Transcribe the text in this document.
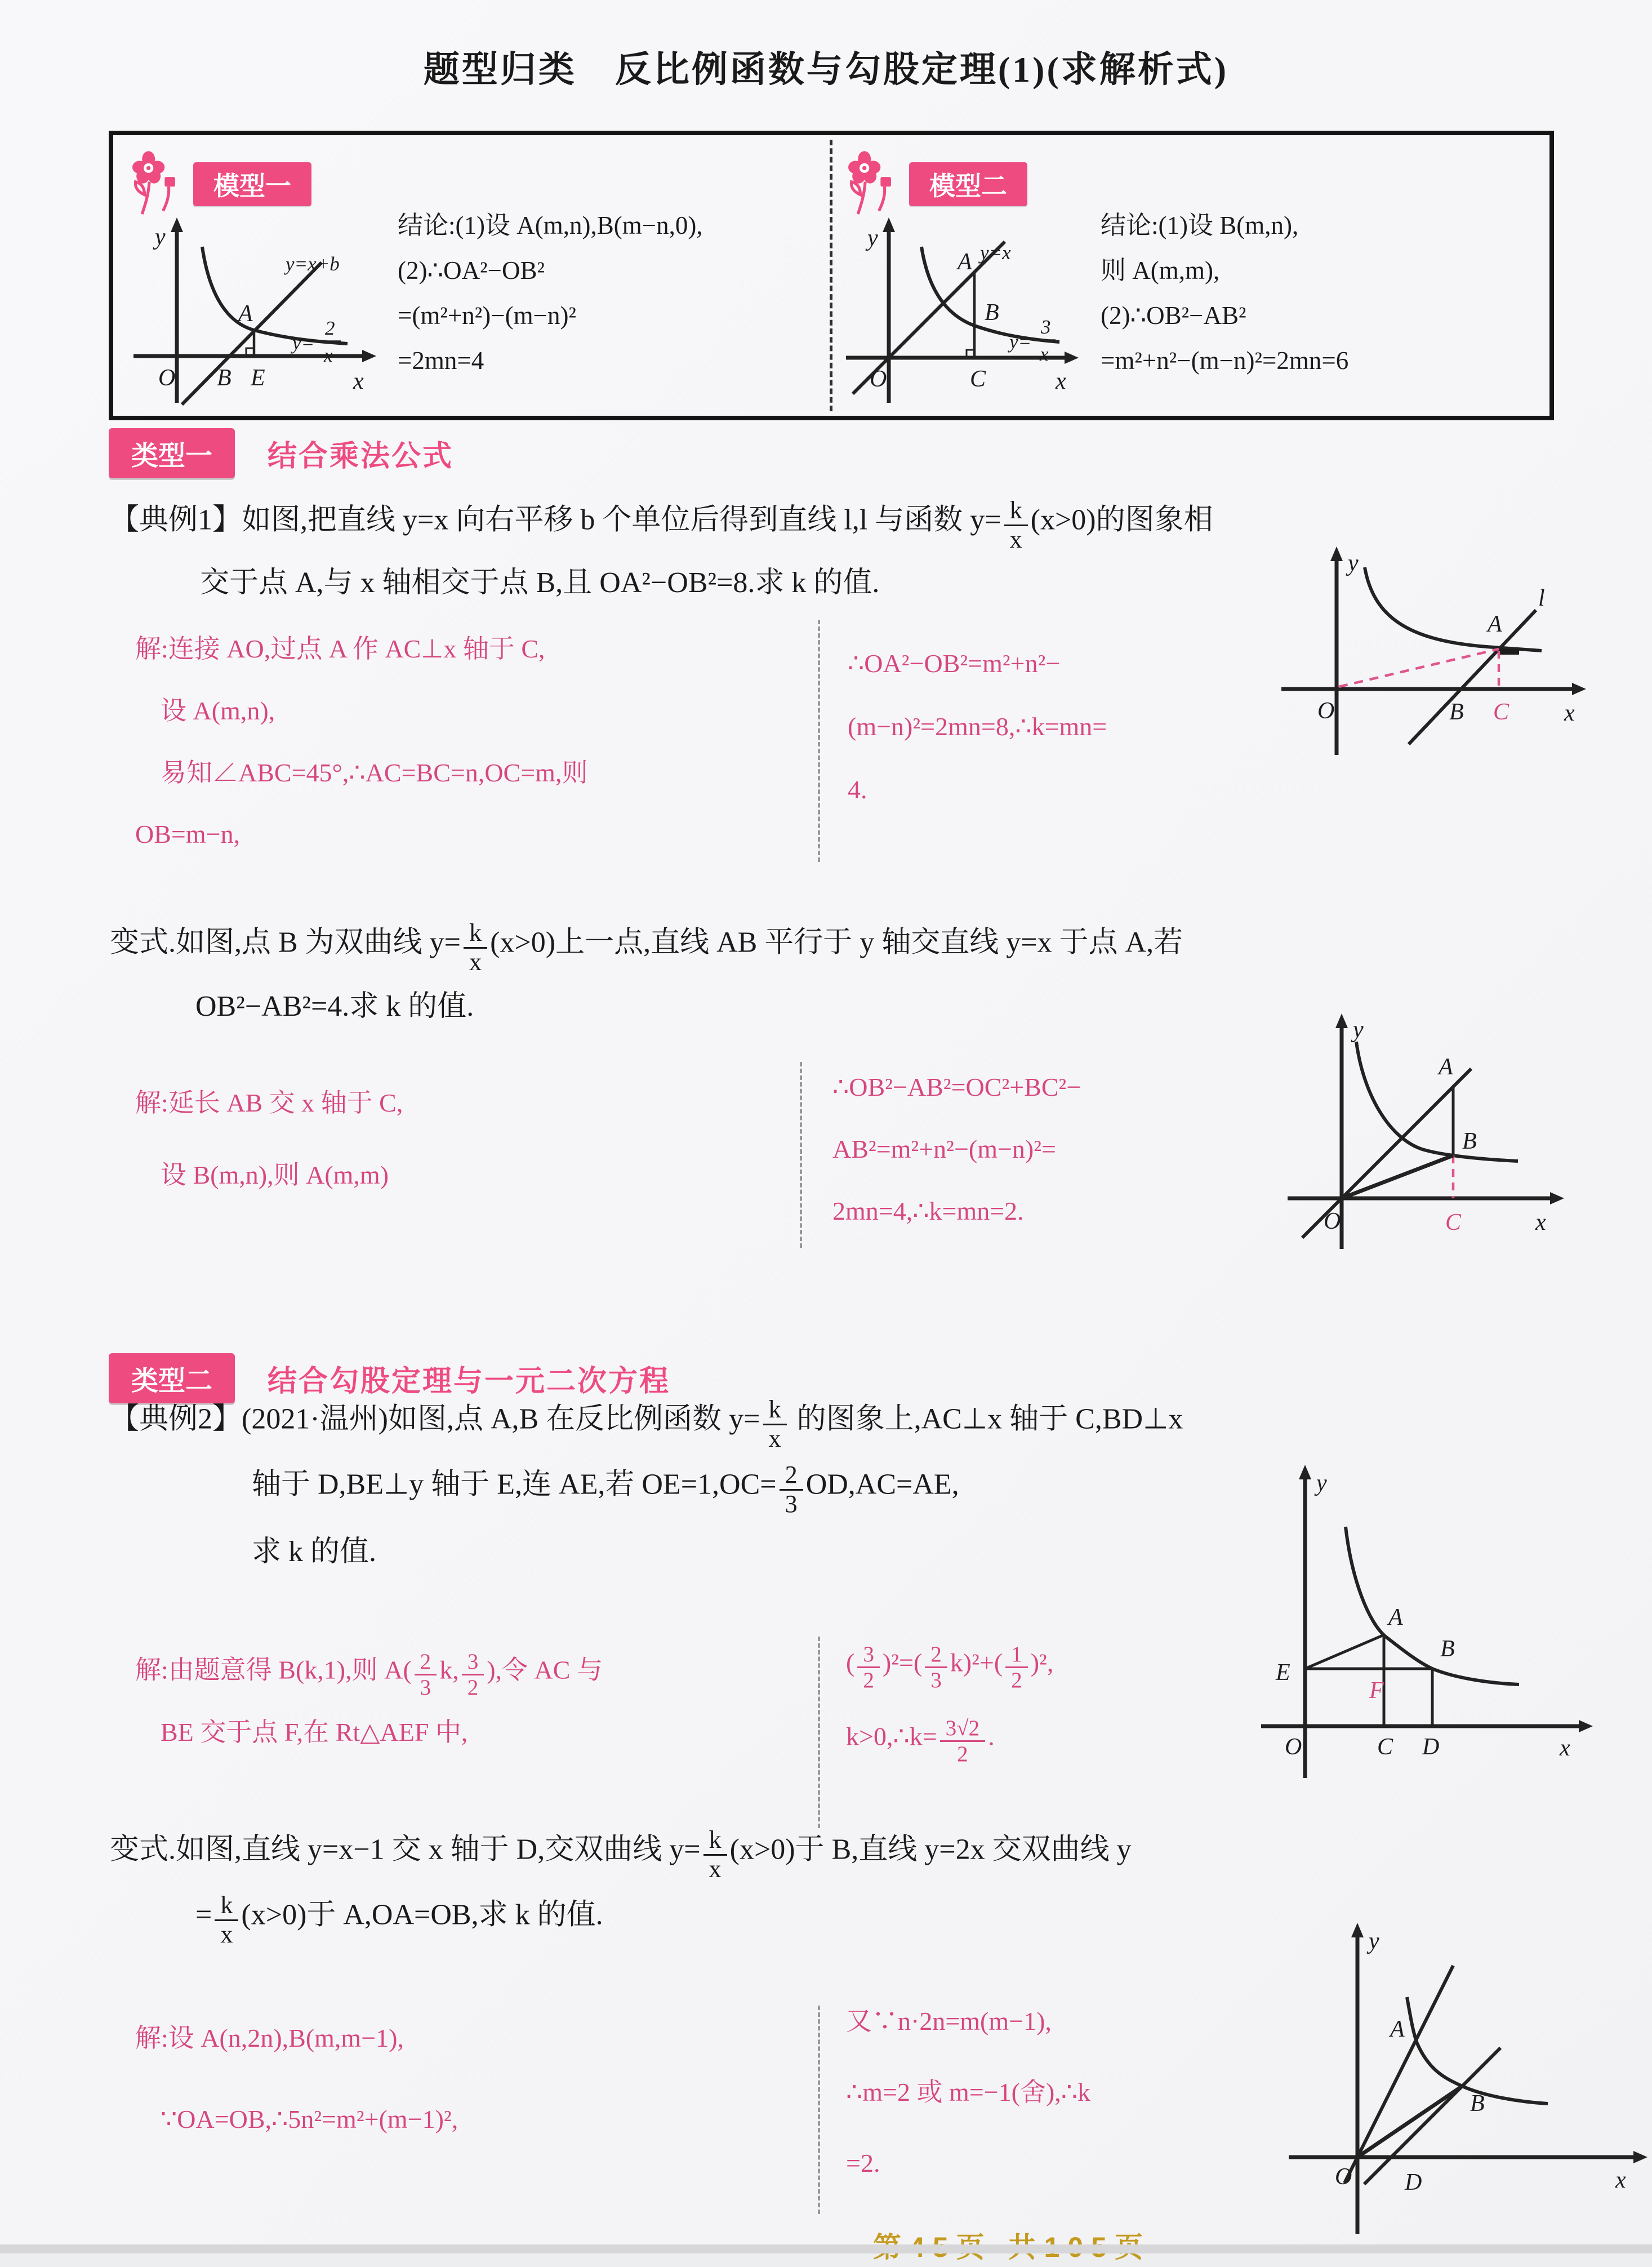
题型归类　反比例函数与勾股定理(1)(求解析式)
模型一
y
x
O B E
A
y=x+b
y=
2
x
结论:(1)设 A(m,n),B(m−n,0),
(2)∴OA²−OB²
=(m²+n²)−(m−n)²
=2mn=4
模型二
y
x
O	C
A
B
y=x
y=
3
x
结论:(1)设 B(m,n),
则 A(m,m),
(2)∴OB²−AB²
=m²+n²−(m−n)²=2mn=6
类型一	结合乘法公式
【典例1】如图,把直线 y=x 向右平移 b 个单位后得到直线 l,l 与函数 $y= \frac{k}{x} (x>0)$的图象相
交于点 A,与 x 轴相交于点 B,且 OA²−OB²=8.求 k 的值.
解:连接 AO,过点 A 作 AC⊥x 轴于 C,
设 A(m,n),
易知∠ABC=45°,∴AC=BC=n,OC=m,则
OB=m−n,
∴OA²−OB²=m²+n²−
(m−n)²=2mn=8,∴k=mn=
4.
y
x
O	B C
A
l
变式.如图,点 B 为双曲线 $y= \frac{k}{x} (x>0)$上一点,直线 AB 平行于 y 轴交直线 y=x 于点 A,若
OB²−AB²=4.求 k 的值.
解:延长 AB 交 x 轴于 C,
设 B(m,n),则 A(m,m)
∴OB²−AB²=OC²+BC²−
AB²=m²+n²−(m−n)²=
2mn=4,∴k=mn=2.
y
x
O	C
A
B
类型二	结合勾股定理与一元二次方程
【典例2】(2021·温州)如图,点 A,B 在反比例函数 $y= \frac{k}{x}$ 的图象上,AC⊥x 轴于 C,BD⊥x
轴于 D,BE⊥y 轴于 E,连 AE,若 $OE=1,OC= \frac{2}{3} OD,AC=AE$,
求 k 的值.
解:由题意得 B(k,1),则 $A( \frac{2}{3} k$, $\frac{3}{2}$ ),令 AC 与
BE 交于点 F,在 Rt△AEF 中,
( $\frac{3}{2} )^2=( \frac{2}{3} k)^2+( \frac{1}{2} )^2$,
k>0,∴k= $\frac{3√2}{2}$ .
y
x
O
E
A
B
F
C D
变式.如图,直线 y=x−1 交 x 轴于 D,交双曲线 $y= \frac{k}{x} (x>0)$于 B,直线 y=2x 交双曲线 y
= $\frac{k}{x} (x>0)$于 A,OA=OB,求 k 的值.
解:设 A(n,2n),B(m,m−1),
∵OA=OB,∴5n²=m²+(m−1)²,
又∵n·2n=m(m−1),
∴m=2 或 m=−1(舍),∴k
=2.
y
x
O
A
B
D
